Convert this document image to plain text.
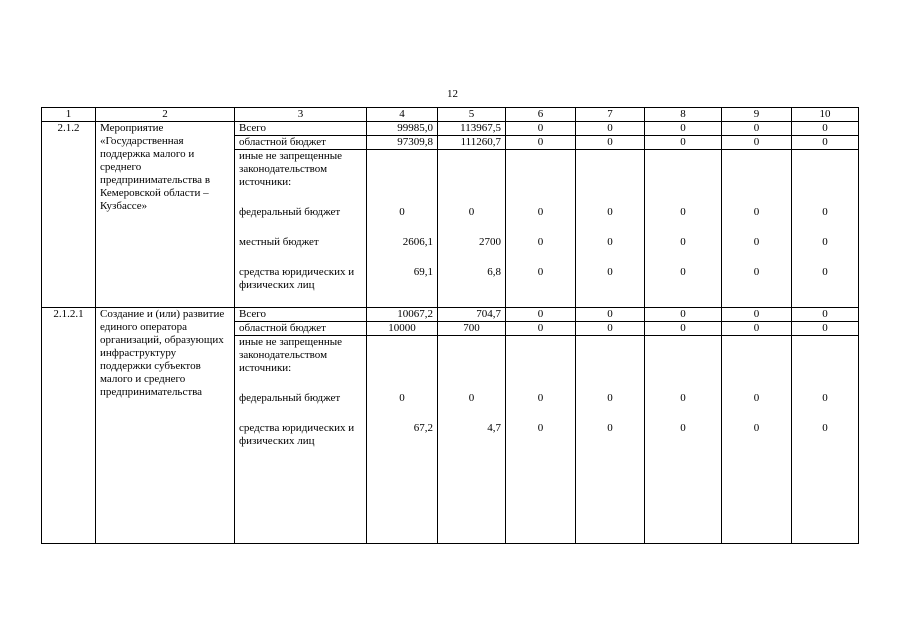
12
1	2	3	4	5	6	7	8	9	10
2.1.2	Мероприятие «Государственная поддержка малого и среднего предпринимательства в Кемеровской области – Кузбассе»	Всего	99985,0	113967,5	0	0	0	0	0
		областной бюджет	97309,8	111260,7	0	0	0	0	0
		иные не запрещенные законодательством источники:							
		федеральный бюджет	0	0	0	0	0	0	0
		местный бюджет	2606,1	2700	0	0	0	0	0
		средства юридических и физических лиц	69,1	6,8	0	0	0	0	0
2.1.2.1	Создание и (или) развитие единого оператора организаций, образующих инфраструктуру поддержки субъектов малого и среднего предпринимательства	Всего	10067,2	704,7	0	0	0	0	0
		областной бюджет	10000	700	0	0	0	0	0
		иные не запрещенные законодательством источники:							
		федеральный бюджет	0	0	0	0	0	0	0
		средства юридических и физических лиц	67,2	4,7	0	0	0	0	0
